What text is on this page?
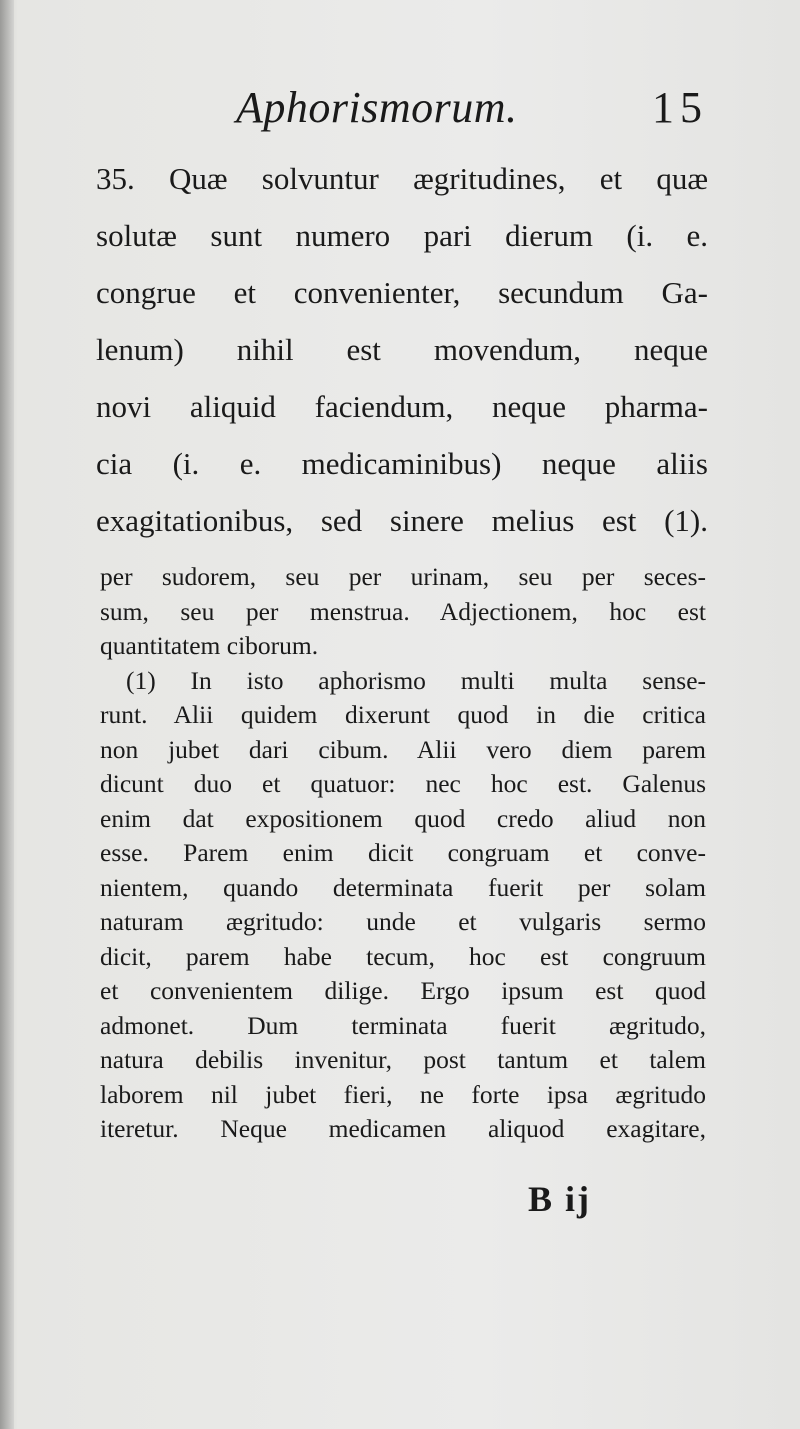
Aphorismorum.	15
35. Quæ solvuntur ægritudines, et quæ
solutæ sunt numero pari dierum (i. e.
congrue et convenienter, secundum Ga-
lenum) nihil est movendum, neque
novi aliquid faciendum, neque pharma-
cia (i. e. medicaminibus) neque aliis
exagitationibus, sed sinere melius est (1).
per sudorem, seu per urinam, seu per seces-
sum, seu per menstrua. Adjectionem, hoc est
quantitatem ciborum.
(1) In isto aphorismo multi multa sense-
runt. Alii quidem dixerunt quod in die critica
non jubet dari cibum. Alii vero diem parem
dicunt duo et quatuor: nec hoc est. Galenus
enim dat expositionem quod credo aliud non
esse. Parem enim dicit congruam et conve-
nientem, quando determinata fuerit per solam
naturam ægritudo: unde et vulgaris sermo
dicit, parem habe tecum, hoc est congruum
et convenientem dilige. Ergo ipsum est quod
admonet. Dum terminata fuerit ægritudo,
natura debilis invenitur, post tantum et talem
laborem nil jubet fieri, ne forte ipsa ægritudo
iteretur. Neque medicamen aliquod exagitare,
B ij
